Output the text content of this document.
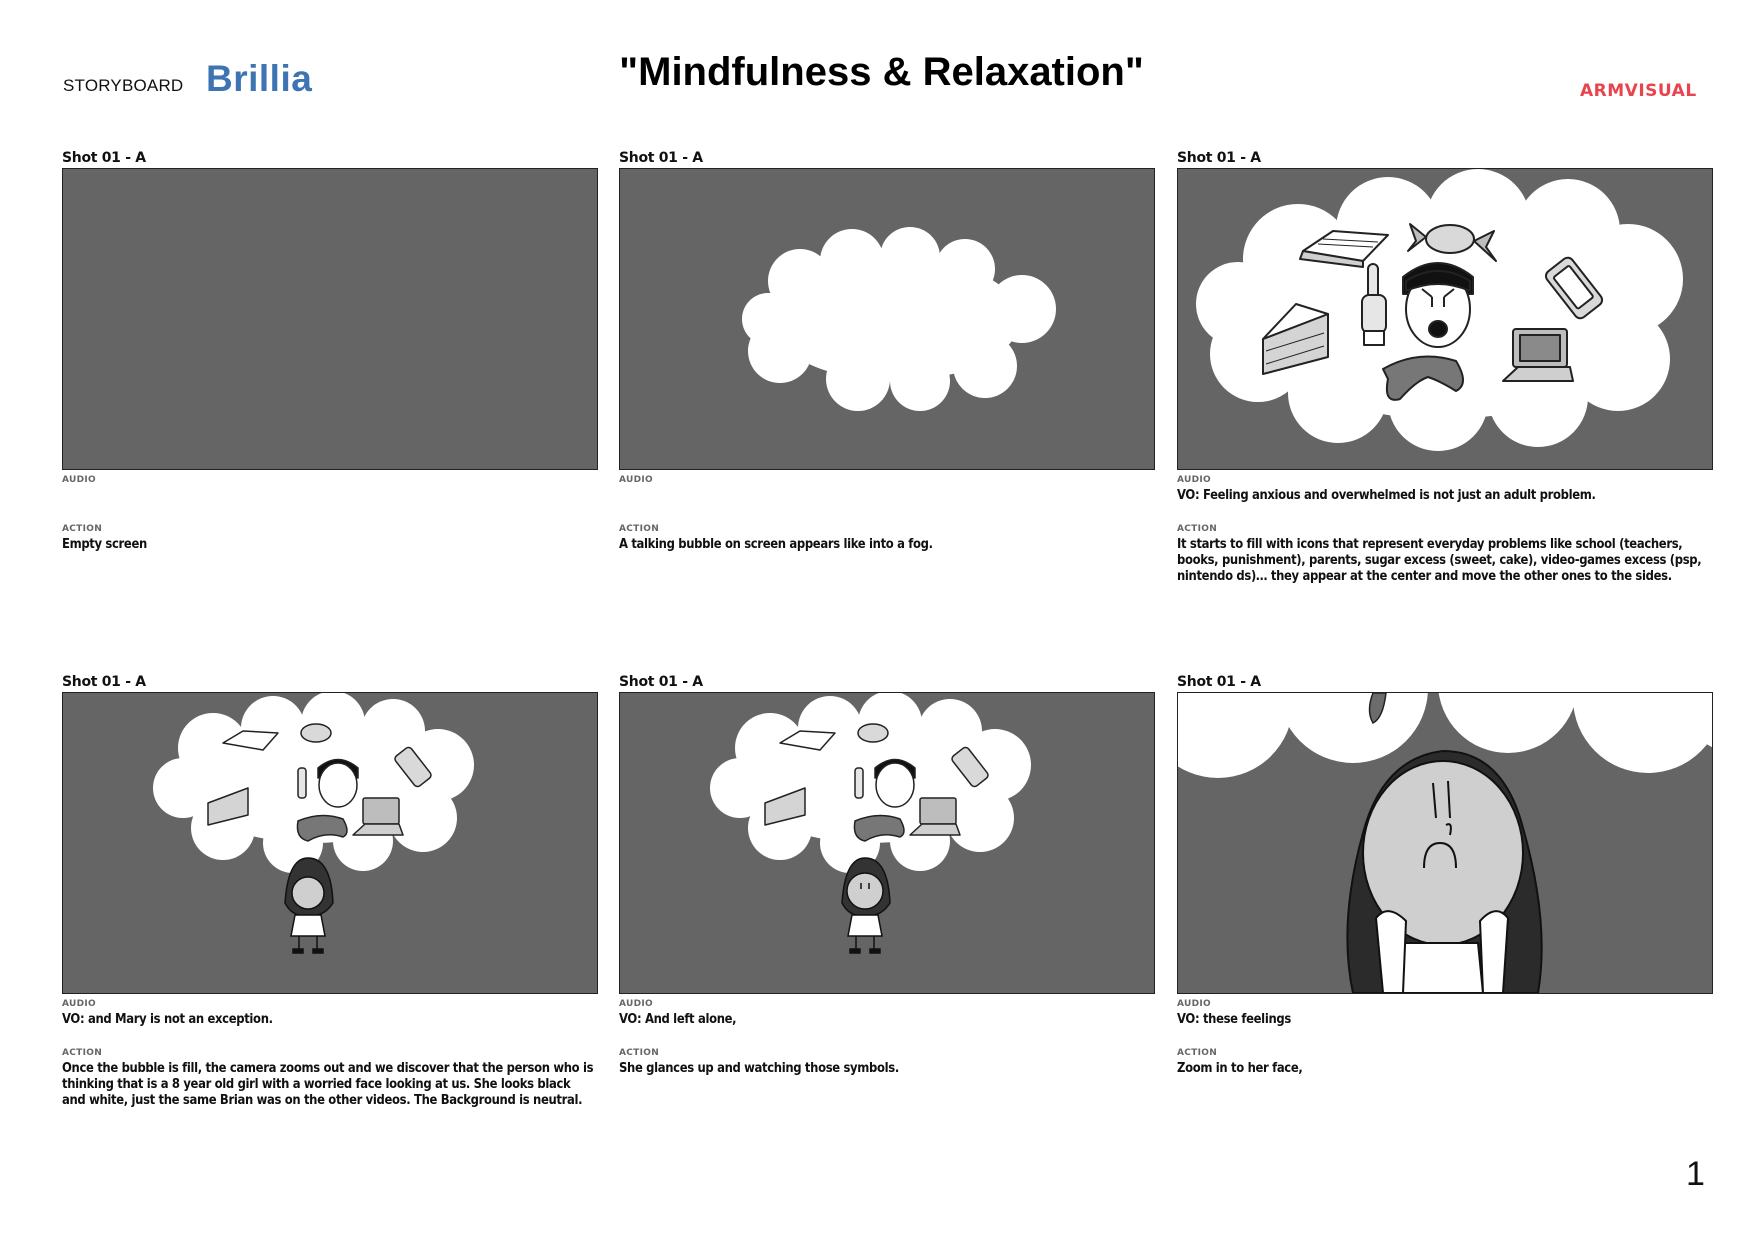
STORYBOARD Brillia	"Mindfulness & Relaxation"	ARMVISUAL
Shot 01 - A
AUDIO
ACTION
Empty screen
Shot 01 - A
AUDIO
ACTION
A talking bubble on screen appears like into a fog.
Shot 01 - A
AUDIO
VO: Feeling anxious and overwhelmed is not just an adult problem.
ACTION
It starts to fill with icons that represent everyday problems like school (teachers, books, punishment), parents, sugar excess (sweet, cake), video-games excess (psp, nintendo ds)… they appear at the center and move the other ones to the sides.
Shot 01 - A
AUDIO
VO: and Mary is not an exception.
ACTION
Once the bubble is fill, the camera zooms out and we discover that the person who is thinking that is a 8 year old girl with a worried face looking at us. She looks black and white, just the same Brian was on the other videos. The Background is neutral.
Shot 01 - A
AUDIO
VO: And left alone,
ACTION
She glances up and watching those symbols.
Shot 01 - A
AUDIO
VO: these feelings
ACTION
Zoom in to her face,
1
